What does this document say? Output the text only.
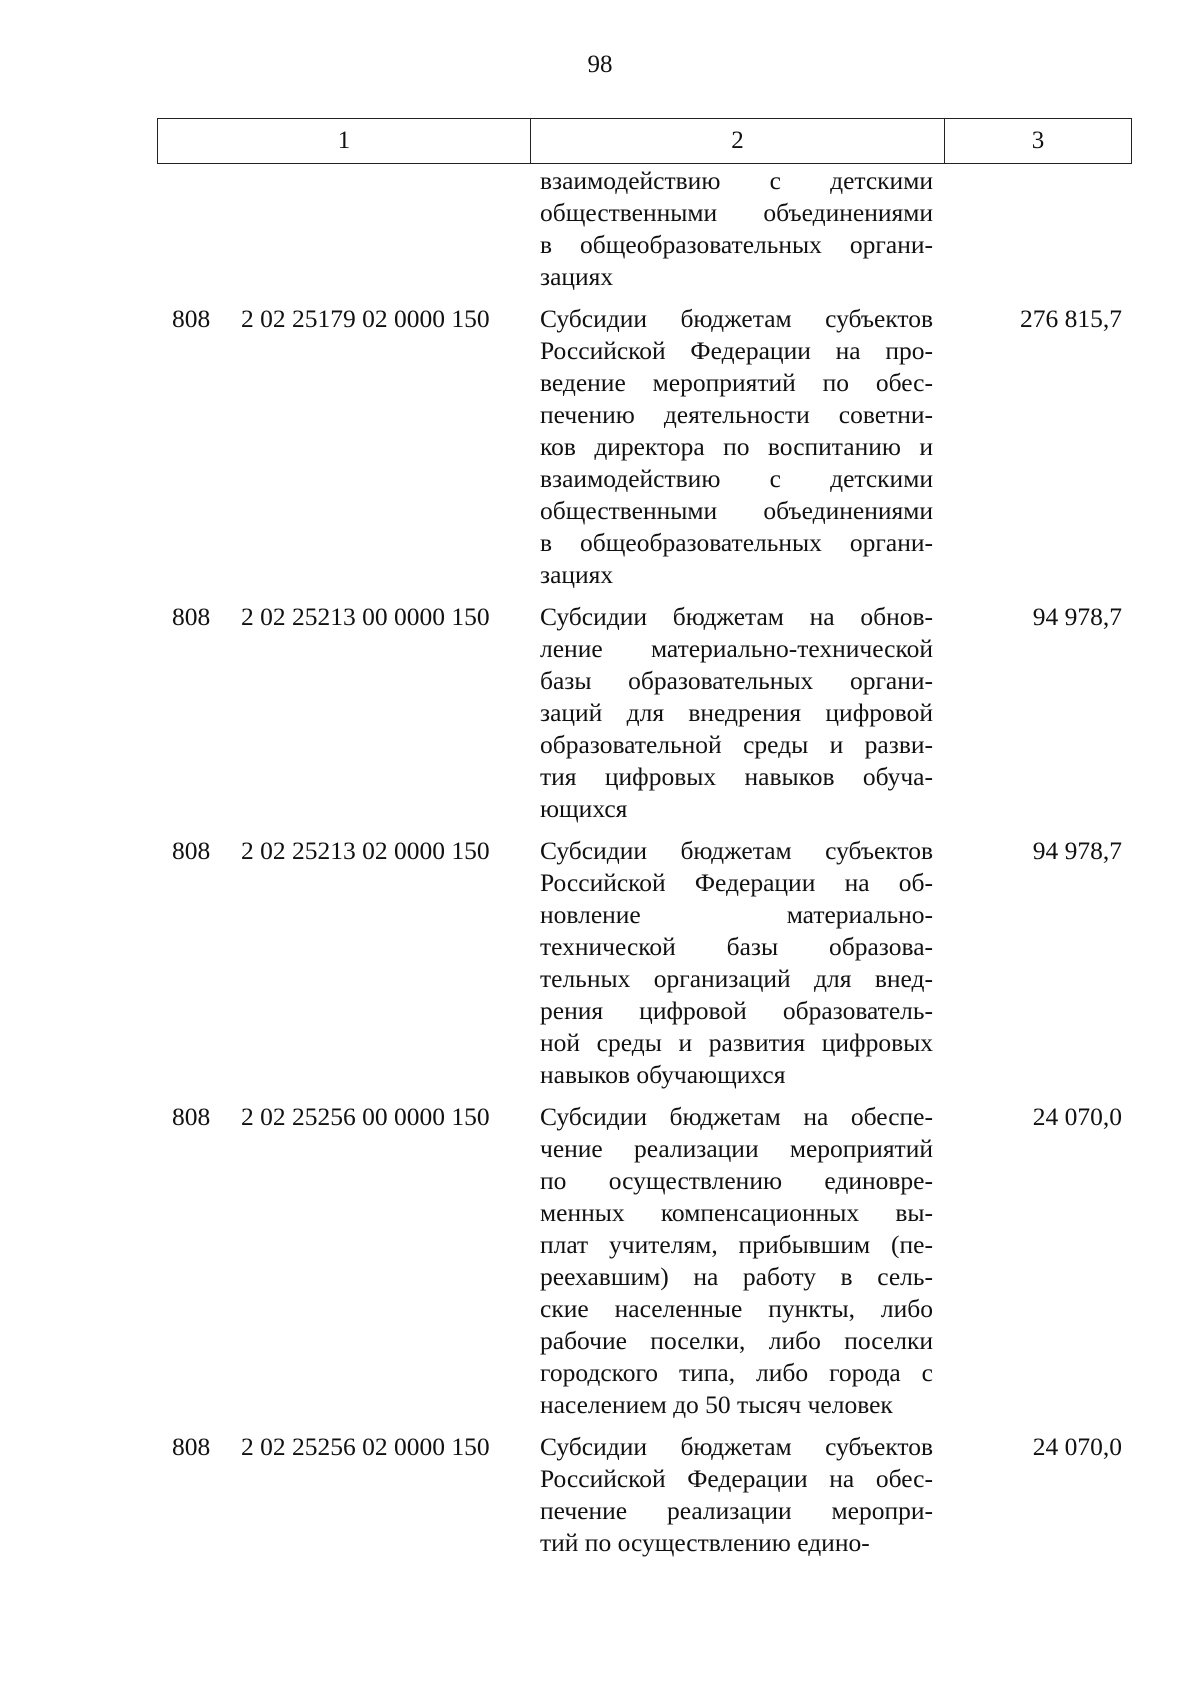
98
1	2	3
взаимодействию с детскими
общественными объединениями
в общеобразовательных органи-
зациях
808 2 02 25179 02 0000 150 Субсидии бюджетам субъектов
Российской Федерации на про-
ведение мероприятий по обес-
печению деятельности советни-
ков директора по воспитанию и
взаимодействию с детскими
общественными объединениями
в общеобразовательных органи-
зациях
276 815,7
808 2 02 25213 00 0000 150 Субсидии бюджетам на обнов-
ление материально-технической
базы образовательных органи-
заций для внедрения цифровой
образовательной среды и разви-
тия цифровых навыков обуча-
ющихся
94 978,7
808 2 02 25213 02 0000 150 Субсидии бюджетам субъектов
Российской Федерации на об-
новление материально-
технической базы образова-
тельных организаций для внед-
рения цифровой образователь-
ной среды и развития цифровых
навыков обучающихся
94 978,7
808 2 02 25256 00 0000 150 Субсидии бюджетам на обеспе-
чение реализации мероприятий
по осуществлению единовре-
менных компенсационных вы-
плат учителям, прибывшим (пе-
реехавшим) на работу в сель-
ские населенные пункты, либо
рабочие поселки, либо поселки
городского типа, либо города с
населением до 50 тысяч человек
24 070,0
808 2 02 25256 02 0000 150 Субсидии бюджетам субъектов
Российской Федерации на обес-
печение реализации меропри-
тий по осуществлению едино-
24 070,0
